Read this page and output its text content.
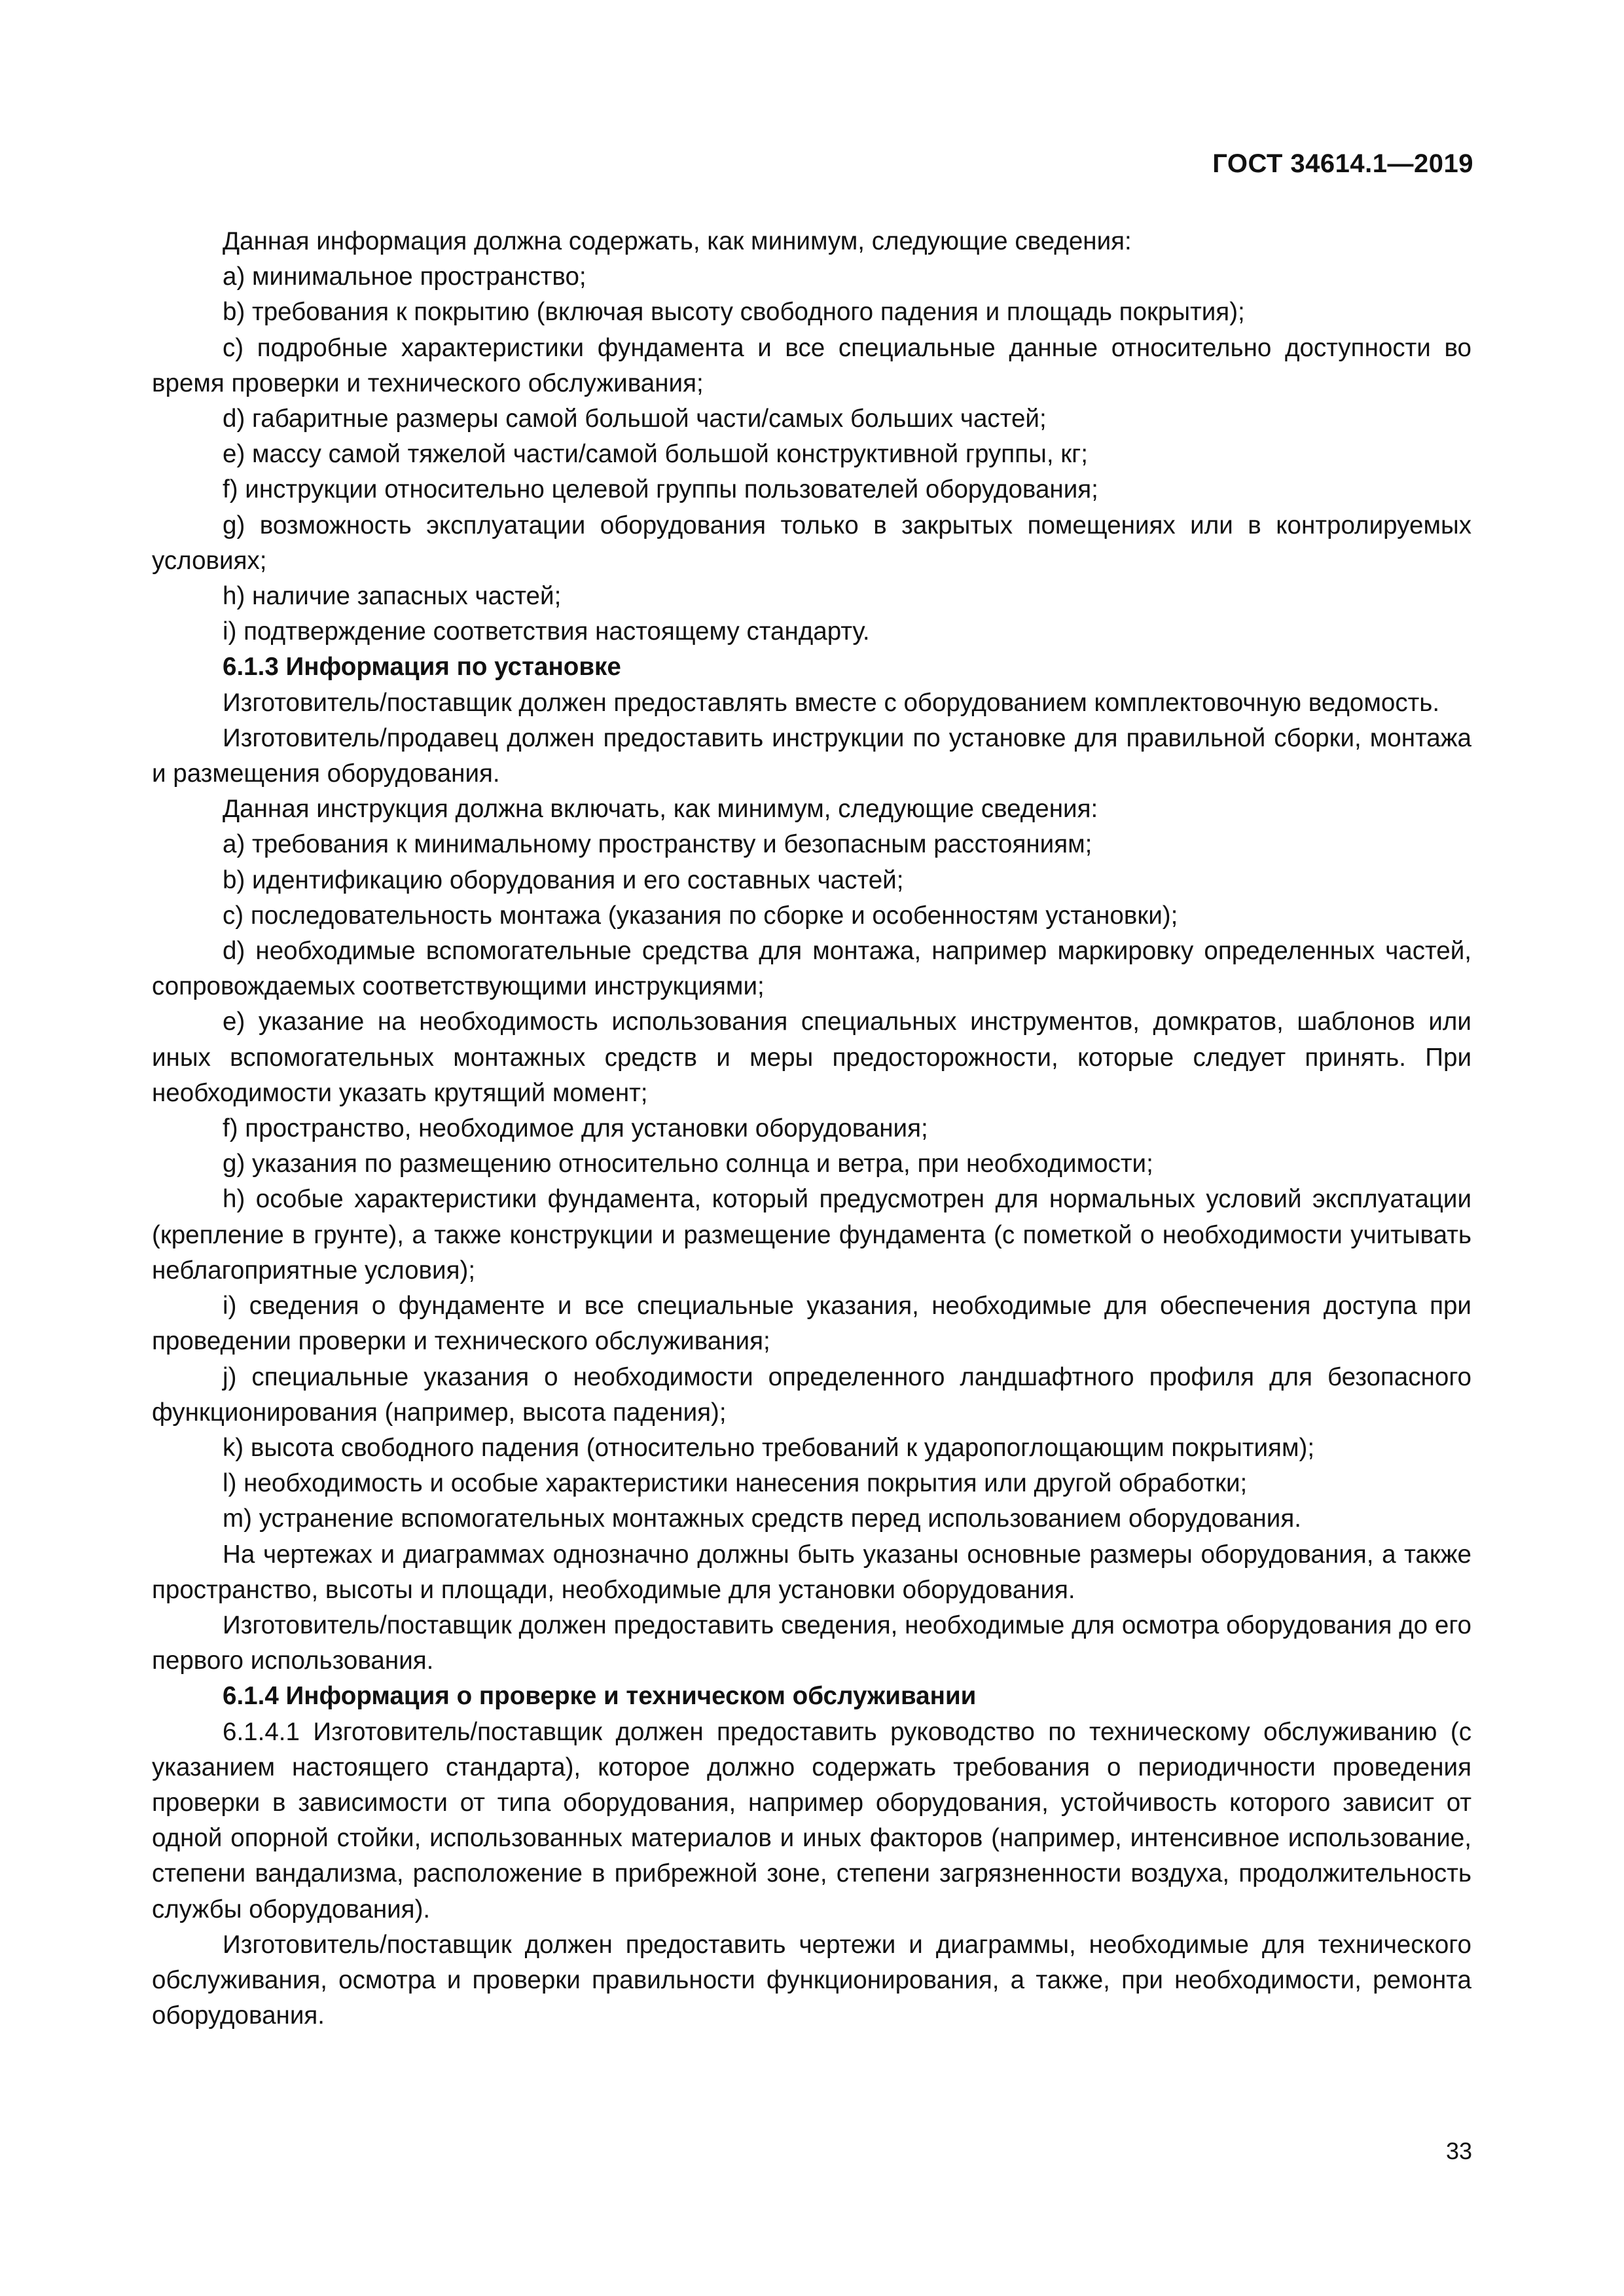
ГОСТ 34614.1—2019

Данная информация должна содержать, как минимум, следующие сведения:

a) минимальное пространство;

b) требования к покрытию (включая высоту свободного падения и площадь покрытия);

c) подробные характеристики фундамента и все специальные данные относительно доступности во время проверки и технического обслуживания;

d) габаритные размеры самой большой части/самых больших частей;

e) массу самой тяжелой части/самой большой конструктивной группы, кг;

f) инструкции относительно целевой группы пользователей оборудования;

g) возможность эксплуатации оборудования только в закрытых помещениях или в контролируемых условиях;

h) наличие запасных частей;

i) подтверждение соответствия настоящему стандарту.

6.1.3 Информация по установке

Изготовитель/поставщик должен предоставлять вместе с оборудованием комплектовочную ведомость.

Изготовитель/продавец должен предоставить инструкции по установке для правильной сборки, монтажа и размещения оборудования.

Данная инструкция должна включать, как минимум, следующие сведения:

a) требования к минимальному пространству и безопасным расстояниям;

b) идентификацию оборудования и его составных частей;

c) последовательность монтажа (указания по сборке и особенностям установки);

d) необходимые вспомогательные средства для монтажа, например маркировку определенных частей, сопровождаемых соответствующими инструкциями;

e) указание на необходимость использования специальных инструментов, домкратов, шаблонов или иных вспомогательных монтажных средств и меры предосторожности, которые следует принять. При необходимости указать крутящий момент;

f) пространство, необходимое для установки оборудования;

g) указания по размещению относительно солнца и ветра, при необходимости;

h) особые характеристики фундамента, который предусмотрен для нормальных условий эксплуатации (крепление в грунте), а также конструкции и размещение фундамента (с пометкой о необходимости учитывать неблагоприятные условия);

i) сведения о фундаменте и все специальные указания, необходимые для обеспечения доступа при проведении проверки и технического обслуживания;

j) специальные указания о необходимости определенного ландшафтного профиля для безопасного функционирования (например, высота падения);

k) высота свободного падения (относительно требований к ударопоглощающим покрытиям);

l) необходимость и особые характеристики нанесения покрытия или другой обработки;

m) устранение вспомогательных монтажных средств перед использованием оборудования.

На чертежах и диаграммах однозначно должны быть указаны основные размеры оборудования, а также пространство, высоты и площади, необходимые для установки оборудования.

Изготовитель/поставщик должен предоставить сведения, необходимые для осмотра оборудования до его первого использования.

6.1.4 Информация о проверке и техническом обслуживании

6.1.4.1 Изготовитель/поставщик должен предоставить руководство по техническому обслуживанию (с указанием настоящего стандарта), которое должно содержать требования о периодичности проведения проверки в зависимости от типа оборудования, например оборудования, устойчивость которого зависит от одной опорной стойки, использованных материалов и иных факторов (например, интенсивное использование, степени вандализма, расположение в прибрежной зоне, степени загрязненности воздуха, продолжительность службы оборудования).

Изготовитель/поставщик должен предоставить чертежи и диаграммы, необходимые для технического обслуживания, осмотра и проверки правильности функционирования, а также, при необходимости, ремонта оборудования.

33
